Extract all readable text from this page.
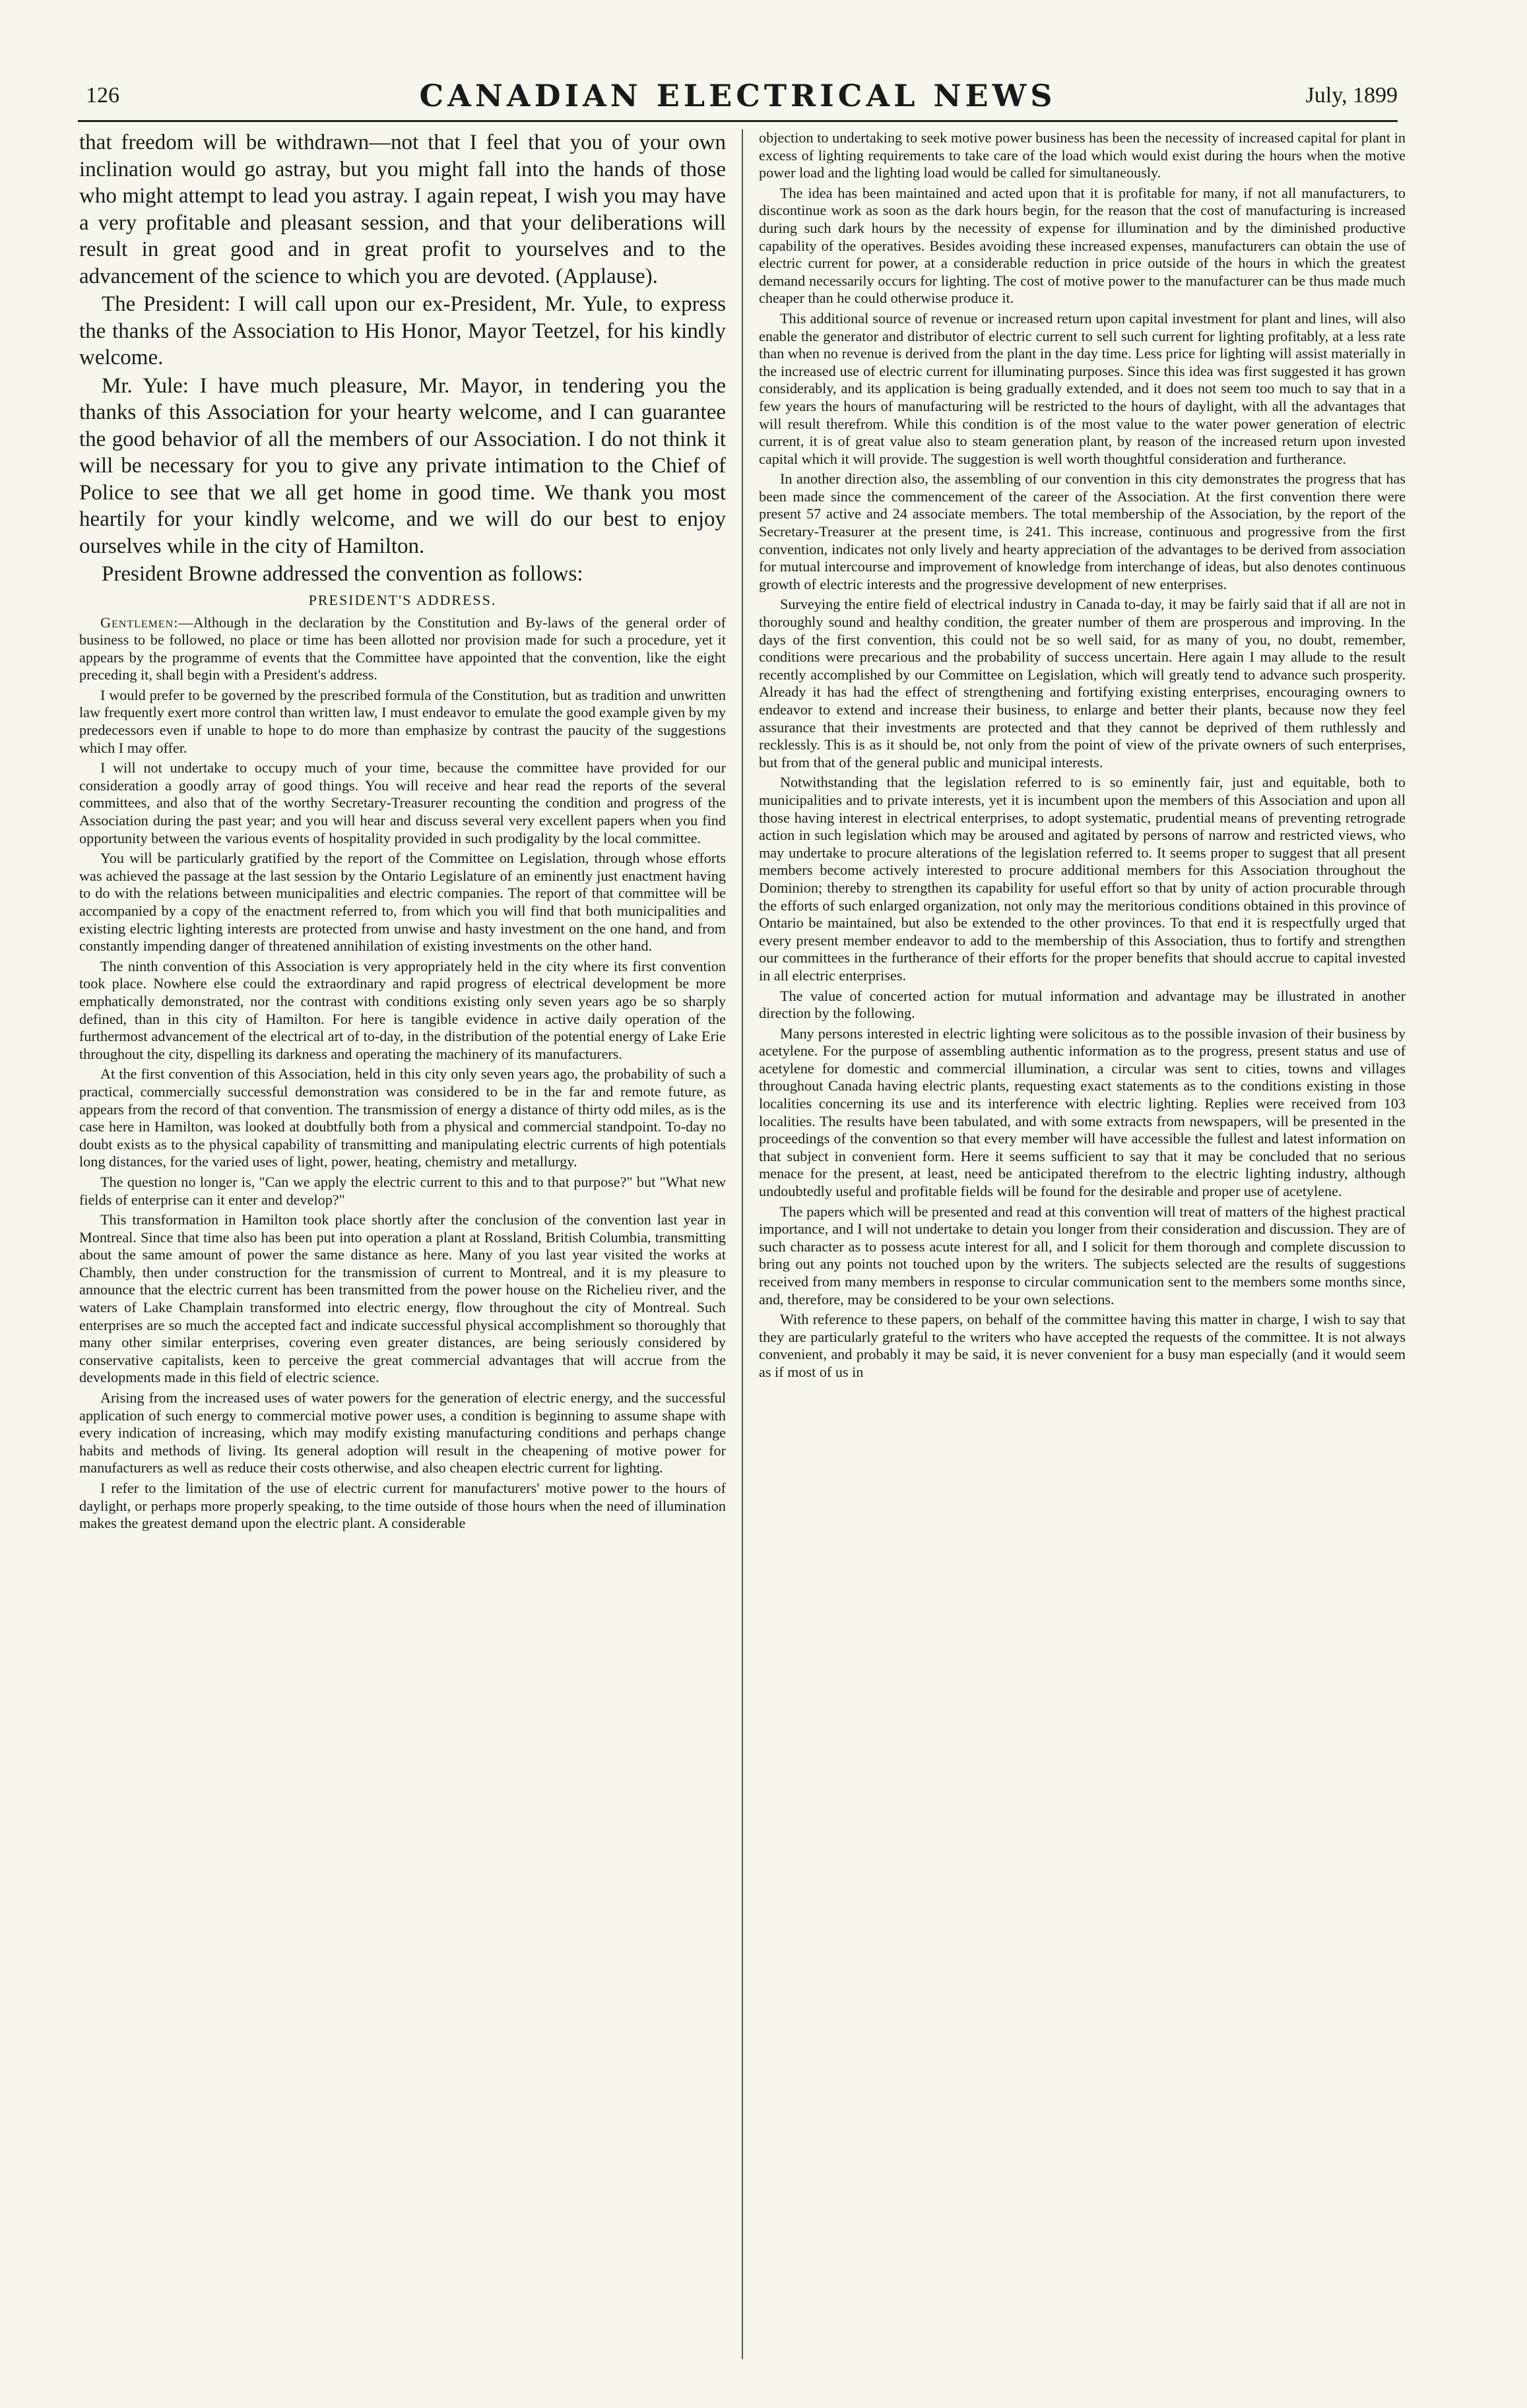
126	CANADIAN ELECTRICAL NEWS	July, 1899

that freedom will be withdrawn—not that I feel that you of your own inclination would go astray, but you might fall into the hands of those who might attempt to lead you astray. I again repeat, I wish you may have a very profitable and pleasant session, and that your deliberations will result in great good and in great profit to yourselves and to the advancement of the science to which you are devoted. (Applause).

The President: I will call upon our ex-President, Mr. Yule, to express the thanks of the Association to His Honor, Mayor Teetzel, for his kindly welcome.

Mr. Yule: I have much pleasure, Mr. Mayor, in tendering you the thanks of this Association for your hearty welcome, and I can guarantee the good behavior of all the members of our Association. I do not think it will be necessary for you to give any private intimation to the Chief of Police to see that we all get home in good time. We thank you most heartily for your kindly welcome, and we will do our best to enjoy ourselves while in the city of Hamilton.

President Browne addressed the convention as follows:

PRESIDENT'S ADDRESS.

Gentlemen:—Although in the declaration by the Constitution and By-laws of the general order of business to be followed, no place or time has been allotted nor provision made for such a procedure, yet it appears by the programme of events that the Committee have appointed that the convention, like the eight preceding it, shall begin with a President's address.

I would prefer to be governed by the prescribed formula of the Constitution, but as tradition and unwritten law frequently exert more control than written law, I must endeavor to emulate the good example given by my predecessors even if unable to hope to do more than emphasize by contrast the paucity of the suggestions which I may offer.

I will not undertake to occupy much of your time, because the committee have provided for our consideration a goodly array of good things. You will receive and hear read the reports of the several committees, and also that of the worthy Secretary-Treasurer recounting the condition and progress of the Association during the past year; and you will hear and discuss several very excellent papers when you find opportunity between the various events of hospitality provided in such prodigality by the local committee.

You will be particularly gratified by the report of the Committee on Legislation, through whose efforts was achieved the passage at the last session by the Ontario Legislature of an eminently just enactment having to do with the relations between municipalities and electric companies. The report of that committee will be accompanied by a copy of the enactment referred to, from which you will find that both municipalities and existing electric lighting interests are protected from unwise and hasty investment on the one hand, and from constantly impending danger of threatened annihilation of existing investments on the other hand.

The ninth convention of this Association is very appropriately held in the city where its first convention took place. Nowhere else could the extraordinary and rapid progress of electrical development be more emphatically demonstrated, nor the contrast with conditions existing only seven years ago be so sharply defined, than in this city of Hamilton. For here is tangible evidence in active daily operation of the furthermost advancement of the electrical art of to-day, in the distribution of the potential energy of Lake Erie throughout the city, dispelling its darkness and operating the machinery of its manufacturers.

At the first convention of this Association, held in this city only seven years ago, the probability of such a practical, commercially successful demonstration was considered to be in the far and remote future, as appears from the record of that convention. The transmission of energy a distance of thirty odd miles, as is the case here in Hamilton, was looked at doubtfully both from a physical and commercial standpoint. To-day no doubt exists as to the physical capability of transmitting and manipulating electric currents of high potentials long distances, for the varied uses of light, power, heating, chemistry and metallurgy.

The question no longer is, "Can we apply the electric current to this and to that purpose?" but "What new fields of enterprise can it enter and develop?"

This transformation in Hamilton took place shortly after the conclusion of the convention last year in Montreal. Since that time also has been put into operation a plant at Rossland, British Columbia, transmitting about the same amount of power the same distance as here. Many of you last year visited the works at Chambly, then under construction for the transmission of current to Montreal, and it is my pleasure to announce that the electric current has been transmitted from the power house on the Richelieu river, and the waters of Lake Champlain transformed into electric energy, flow throughout the city of Montreal. Such enterprises are so much the accepted fact and indicate successful physical accomplishment so thoroughly that many other similar enterprises, covering even greater distances, are being seriously considered by conservative capitalists, keen to perceive the great commercial advantages that will accrue from the developments made in this field of electric science.

Arising from the increased uses of water powers for the generation of electric energy, and the successful application of such energy to commercial motive power uses, a condition is beginning to assume shape with every indication of increasing, which may modify existing manufacturing conditions and perhaps change habits and methods of living. Its general adoption will result in the cheapening of motive power for manufacturers as well as reduce their costs otherwise, and also cheapen electric current for lighting.

I refer to the limitation of the use of electric current for manufacturers' motive power to the hours of daylight, or perhaps more properly speaking, to the time outside of those hours when the need of illumination makes the greatest demand upon the electric plant. A considerable

objection to undertaking to seek motive power business has been the necessity of increased capital for plant in excess of lighting requirements to take care of the load which would exist during the hours when the motive power load and the lighting load would be called for simultaneously.

The idea has been maintained and acted upon that it is profitable for many, if not all manufacturers, to discontinue work as soon as the dark hours begin, for the reason that the cost of manufacturing is increased during such dark hours by the necessity of expense for illumination and by the diminished productive capability of the operatives. Besides avoiding these increased expenses, manufacturers can obtain the use of electric current for power, at a considerable reduction in price outside of the hours in which the greatest demand necessarily occurs for lighting. The cost of motive power to the manufacturer can be thus made much cheaper than he could otherwise produce it.

This additional source of revenue or increased return upon capital investment for plant and lines, will also enable the generator and distributor of electric current to sell such current for lighting profitably, at a less rate than when no revenue is derived from the plant in the day time. Less price for lighting will assist materially in the increased use of electric current for illuminating purposes. Since this idea was first suggested it has grown considerably, and its application is being gradually extended, and it does not seem too much to say that in a few years the hours of manufacturing will be restricted to the hours of daylight, with all the advantages that will result therefrom. While this condition is of the most value to the water power generation of electric current, it is of great value also to steam generation plant, by reason of the increased return upon invested capital which it will provide. The suggestion is well worth thoughtful consideration and furtherance.

In another direction also, the assembling of our convention in this city demonstrates the progress that has been made since the commencement of the career of the Association. At the first convention there were present 57 active and 24 associate members. The total membership of the Association, by the report of the Secretary-Treasurer at the present time, is 241. This increase, continuous and progressive from the first convention, indicates not only lively and hearty appreciation of the advantages to be derived from association for mutual intercourse and improvement of knowledge from interchange of ideas, but also denotes continuous growth of electric interests and the progressive development of new enterprises.

Surveying the entire field of electrical industry in Canada to-day, it may be fairly said that if all are not in thoroughly sound and healthy condition, the greater number of them are prosperous and improving. In the days of the first convention, this could not be so well said, for as many of you, no doubt, remember, conditions were precarious and the probability of success uncertain. Here again I may allude to the result recently accomplished by our Committee on Legislation, which will greatly tend to advance such prosperity. Already it has had the effect of strengthening and fortifying existing enterprises, encouraging owners to endeavor to extend and increase their business, to enlarge and better their plants, because now they feel assurance that their investments are protected and that they cannot be deprived of them ruthlessly and recklessly. This is as it should be, not only from the point of view of the private owners of such enterprises, but from that of the general public and municipal interests.

Notwithstanding that the legislation referred to is so eminently fair, just and equitable, both to municipalities and to private interests, yet it is incumbent upon the members of this Association and upon all those having interest in electrical enterprises, to adopt systematic, prudential means of preventing retrograde action in such legislation which may be aroused and agitated by persons of narrow and restricted views, who may undertake to procure alterations of the legislation referred to. It seems proper to suggest that all present members become actively interested to procure additional members for this Association throughout the Dominion; thereby to strengthen its capability for useful effort so that by unity of action procurable through the efforts of such enlarged organization, not only may the meritorious conditions obtained in this province of Ontario be maintained, but also be extended to the other provinces. To that end it is respectfully urged that every present member endeavor to add to the membership of this Association, thus to fortify and strengthen our committees in the furtherance of their efforts for the proper benefits that should accrue to capital invested in all electric enterprises.

The value of concerted action for mutual information and advantage may be illustrated in another direction by the following.

Many persons interested in electric lighting were solicitous as to the possible invasion of their business by acetylene. For the purpose of assembling authentic information as to the progress, present status and use of acetylene for domestic and commercial illumination, a circular was sent to cities, towns and villages throughout Canada having electric plants, requesting exact statements as to the conditions existing in those localities concerning its use and its interference with electric lighting. Replies were received from 103 localities. The results have been tabulated, and with some extracts from newspapers, will be presented in the proceedings of the convention so that every member will have accessible the fullest and latest information on that subject in convenient form. Here it seems sufficient to say that it may be concluded that no serious menace for the present, at least, need be anticipated therefrom to the electric lighting industry, although undoubtedly useful and profitable fields will be found for the desirable and proper use of acetylene.

The papers which will be presented and read at this convention will treat of matters of the highest practical importance, and I will not undertake to detain you longer from their consideration and discussion. They are of such character as to possess acute interest for all, and I solicit for them thorough and complete discussion to bring out any points not touched upon by the writers. The subjects selected are the results of suggestions received from many members in response to circular communication sent to the members some months since, and, therefore, may be considered to be your own selections.

With reference to these papers, on behalf of the committee having this matter in charge, I wish to say that they are particularly grateful to the writers who have accepted the requests of the committee. It is not always convenient, and probably it may be said, it is never convenient for a busy man especially (and it would seem as if most of us in
